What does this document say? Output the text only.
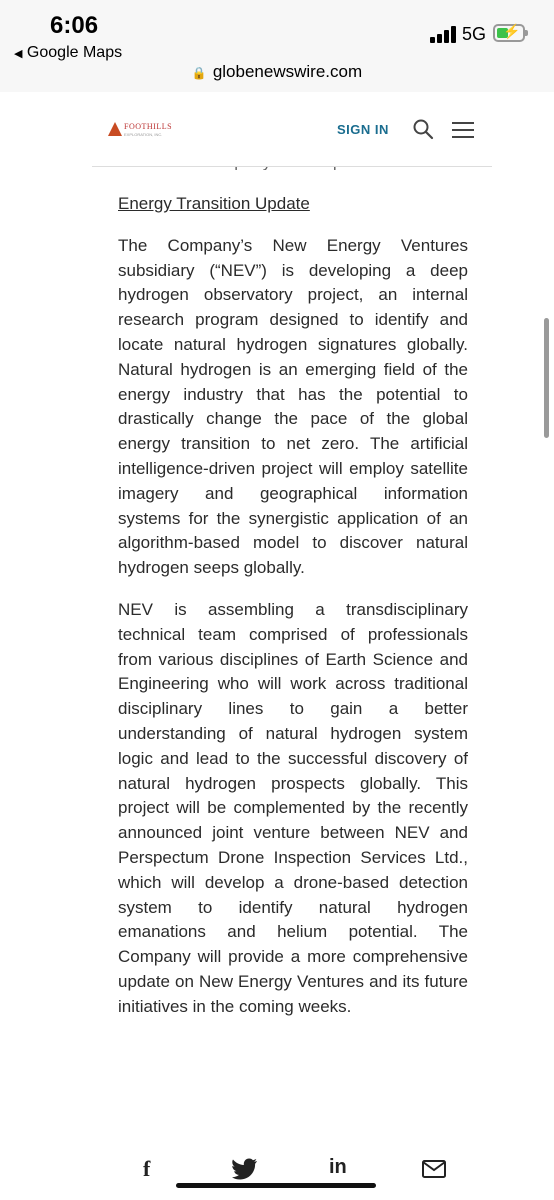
6:06
◀ Google Maps
5G ⚡
🔒 globenewswire.com
FOOTHILLS
EXPLORATION, INC.	SIGN IN
Energy Transition Update

The Company’s New Energy Ventures subsidiary (“NEV”) is developing a deep hydrogen observatory project, an internal research program designed to identify and locate natural hydrogen signatures globally. Natural hydrogen is an emerging field of the energy industry that has the potential to drastically change the pace of the global energy transition to net zero. The artificial intelligence-driven project will employ satellite imagery and geographical information systems for the synergistic application of an algorithm-based model to discover natural hydrogen seeps globally.

NEV is assembling a transdisciplinary technical team comprised of professionals from various disciplines of Earth Science and Engineering who will work across traditional disciplinary lines to gain a better understanding of natural hydrogen system logic and lead to the successful discovery of natural hydrogen prospects globally. This project will be complemented by the recently announced joint venture between NEV and Perspectum Drone Inspection Services Ltd., which will develop a drone-based detection system to identify natural hydrogen emanations and helium potential. The Company will provide a more comprehensive update on New Energy Ventures and its future initiatives in the coming weeks.

f	in
